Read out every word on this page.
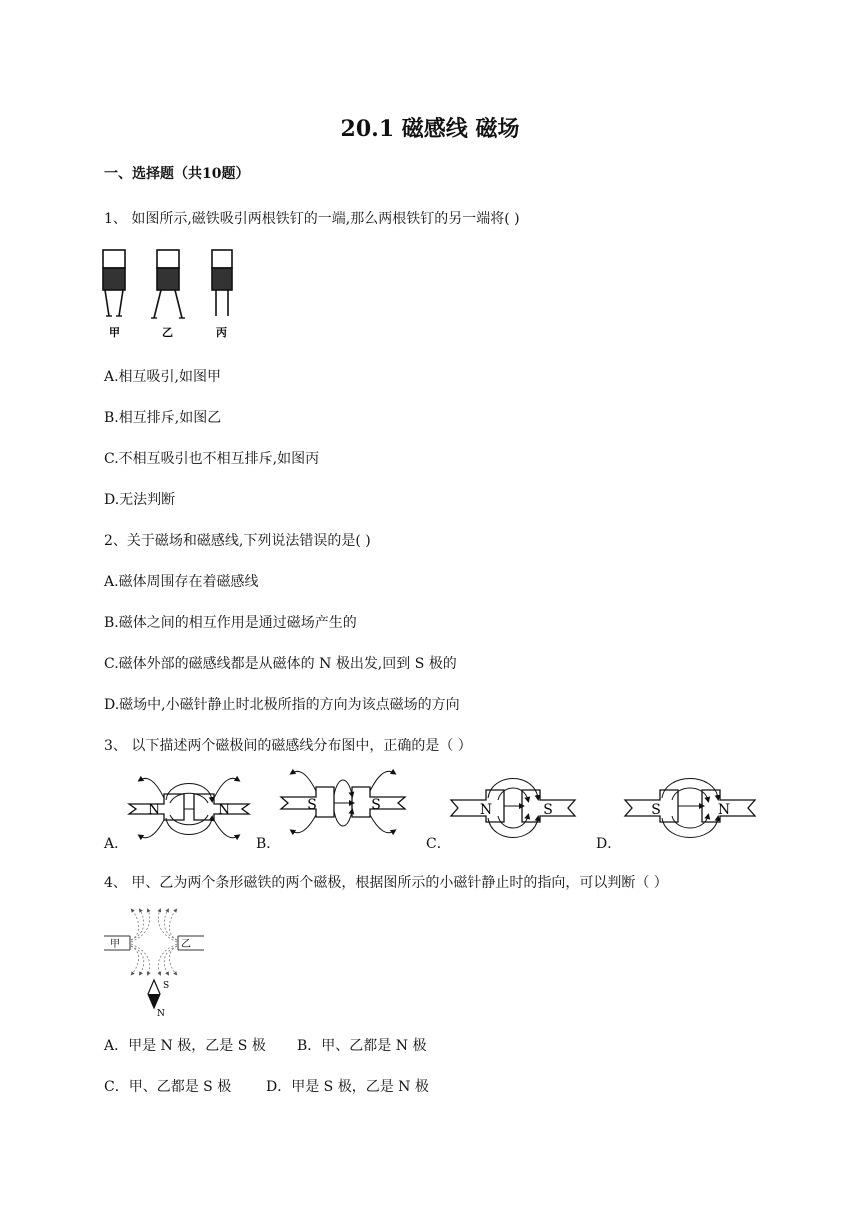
20.1 磁感线 磁场
一、选择题（共10题）
1、 如图所示,磁铁吸引两根铁钉的一端,那么两根铁钉的另一端将( )
甲	乙	丙
A.相互吸引,如图甲
B.相互排斥,如图乙
C.不相互吸引也不相互排斥,如图丙
D.无法判断
2、关于磁场和磁感线,下列说法错误的是( )
A.磁体周围存在着磁感线
B.磁体之间的相互作用是通过磁场产生的
C.磁体外部的磁感线都是从磁体的 N 极出发,回到 S 极的
D.磁场中,小磁针静止时北极所指的方向为该点磁场的方向
3、 以下描述两个磁极间的磁感线分布图中，正确的是（ ）
A．
N	N
B．
S	S
C．
N	S
D．
S	N
4、 甲、乙为两个条形磁铁的两个磁极，根据图所示的小磁针静止时的指向，可以判断（ ）
甲	乙
S
N
A．甲是 N 极，乙是 S 极 B．甲、乙都是 N 极
C．甲、乙都是 S 极 D．甲是 S 极，乙是 N 极
